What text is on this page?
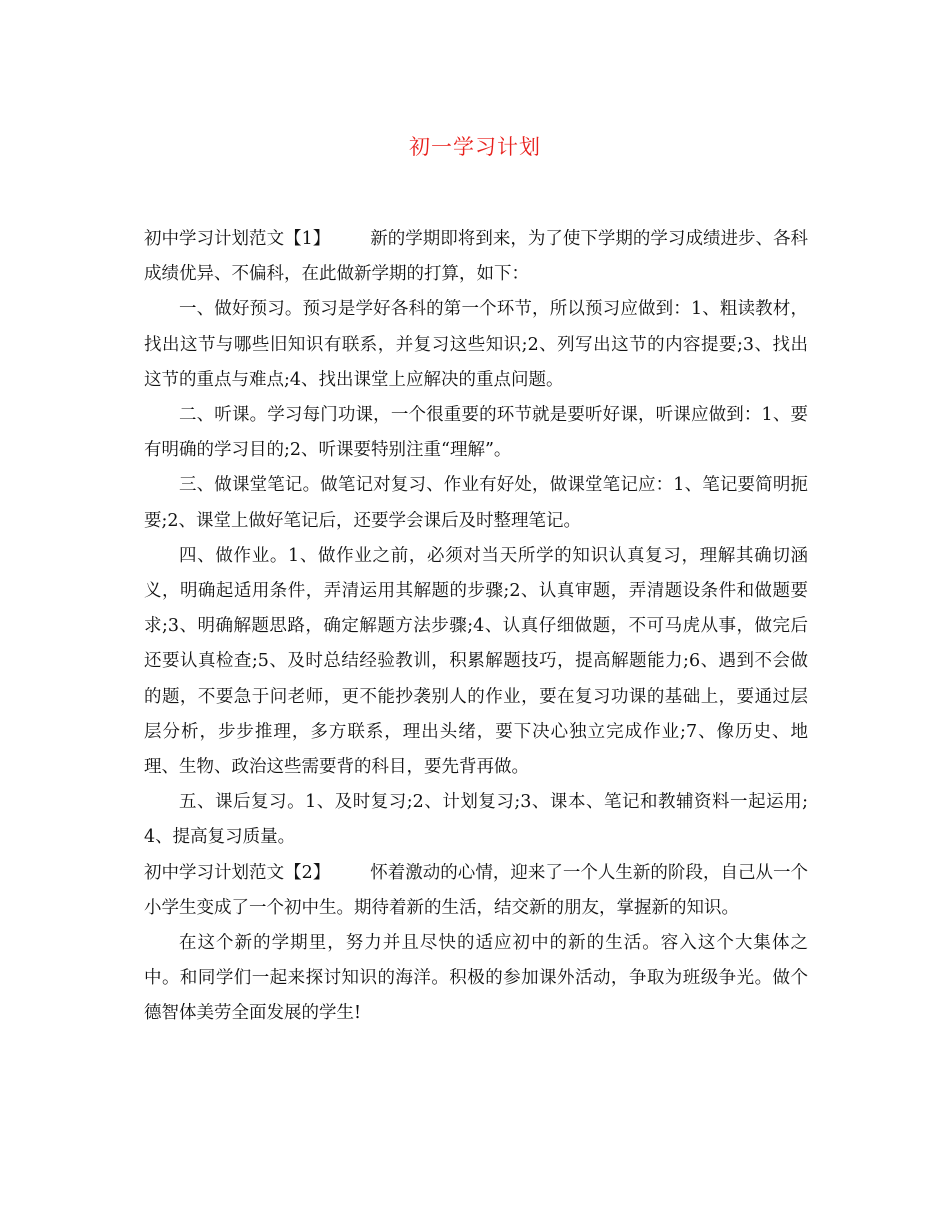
初一学习计划

初中学习计划范文【1】 新的学期即将到来，为了使下学期的学习成绩进步、各科成绩优异、不偏科，在此做新学期的打算，如下：

一、做好预习。预习是学好各科的第一个环节，所以预习应做到：1、粗读教材，找出这节与哪些旧知识有联系，并复习这些知识;2、列写出这节的内容提要;3、找出这节的重点与难点;4、找出课堂上应解决的重点问题。

二、听课。学习每门功课，一个很重要的环节就是要听好课，听课应做到：1、要有明确的学习目的;2、听课要特别注重“理解”。

三、做课堂笔记。做笔记对复习、作业有好处，做课堂笔记应：1、笔记要简明扼要;2、课堂上做好笔记后，还要学会课后及时整理笔记。

四、做作业。1、做作业之前，必须对当天所学的知识认真复习，理解其确切涵义，明确起适用条件，弄清运用其解题的步骤;2、认真审题，弄清题设条件和做题要求;3、明确解题思路，确定解题方法步骤;4、认真仔细做题，不可马虎从事，做完后还要认真检查;5、及时总结经验教训，积累解题技巧，提高解题能力;6、遇到不会做的题，不要急于问老师，更不能抄袭别人的作业，要在复习功课的基础上，要通过层层分析，步步推理，多方联系，理出头绪，要下决心独立完成作业;7、像历史、地理、生物、政治这些需要背的科目，要先背再做。

五、课后复习。1、及时复习;2、计划复习;3、课本、笔记和教辅资料一起运用;4、提高复习质量。

初中学习计划范文【2】 怀着激动的心情，迎来了一个人生新的阶段，自己从一个小学生变成了一个初中生。期待着新的生活，结交新的朋友，掌握新的知识。

在这个新的学期里，努力并且尽快的适应初中的新的生活。容入这个大集体之中。和同学们一起来探讨知识的海洋。积极的参加课外活动，争取为班级争光。做个德智体美劳全面发展的学生!
